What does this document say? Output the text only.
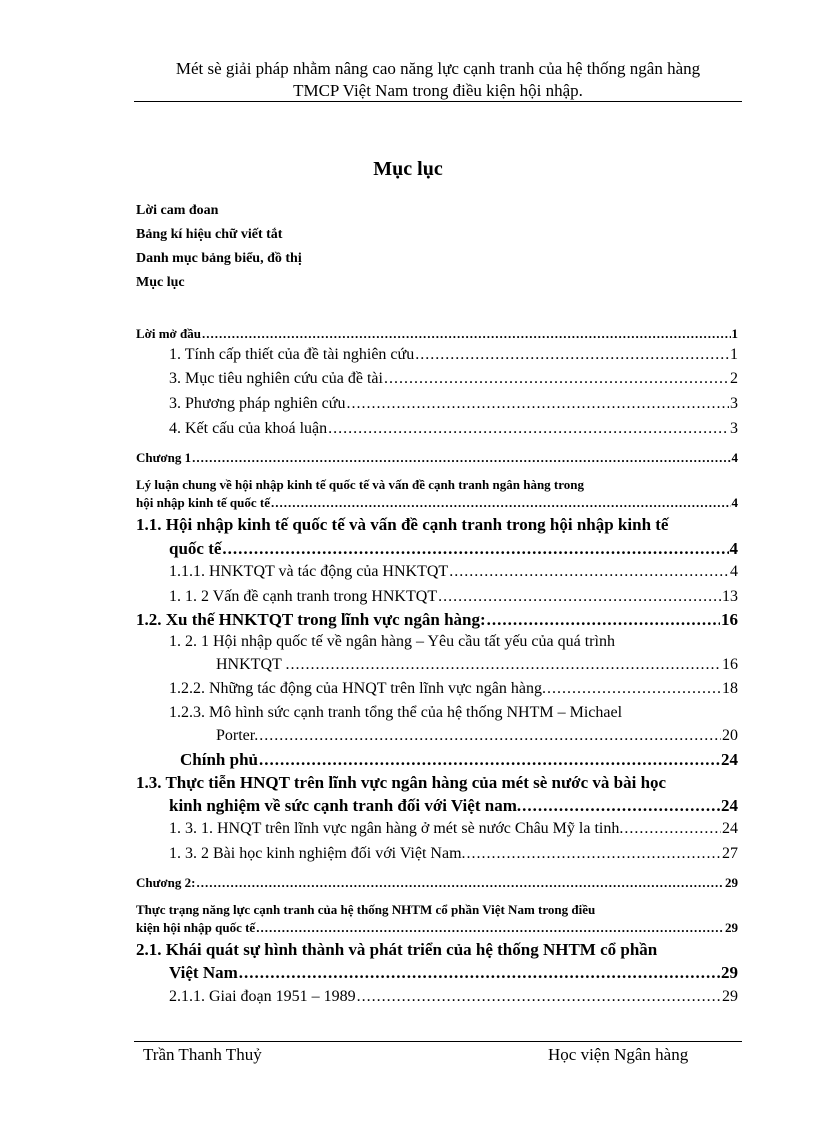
Mét sè giải pháp nhằm nâng cao năng lực cạnh tranh của hệ thống ngân hàng
TMCP Việt Nam trong điều kiện hội nhập.
Mục lục
Lời cam đoan
Bảng kí hiệu chữ viết tắt
Danh mục bảng biểu, đồ thị
Mục lục
Lời mở đầu .....	1
1. Tính cấp thiết của đề tài nghiên cứu .....	1
3. Mục tiêu nghiên cứu của đề tài .....	2
3. Phương pháp nghiên cứu .....	3
4. Kết cấu của khoá luận .....	3
Chương 1 .....	4
Lý luận chung về hội nhập kinh tế quốc tế và vấn đề cạnh tranh ngân hàng trong
hội nhập kinh tế quốc tế .....	4
1.1. Hội nhập kinh tế quốc tế và vấn đề cạnh tranh trong hội nhập kinh tế
quốc tế .....	4
1.1.1. HNKTQT và tác động của HNKTQT .....	4
1. 1. 2 Vấn đề cạnh tranh trong HNKTQT .....	13
1.2. Xu thế HNKTQT trong lĩnh vực ngân hàng: .....	16
1. 2. 1 Hội nhập quốc tế về ngân hàng – Yêu cầu tất yếu của quá trình
HNKTQT . .....	16
1.2.2. Những tác động của HNQT trên lĩnh vực ngân hàng. .....	18
1.2.3. Mô hình sức cạnh tranh tổng thể của hệ thống NHTM – Michael
Porter. .....	20
Chính phủ .....	24
1.3. Thực tiễn HNQT trên lĩnh vực ngân hàng của mét sè nước và bài học
kinh nghiệm về sức cạnh tranh đối với Việt nam. .....	24
1. 3. 1. HNQT trên lĩnh vực ngân hàng ở mét sè nước Châu Mỹ la tinh. .....	24
1. 3. 2 Bài học kinh nghiệm đối với Việt Nam. .....	27
Chương 2: .....	29
Thực trạng năng lực cạnh tranh của hệ thống NHTM cổ phần Việt Nam trong điều
kiện hội nhập quốc tế .....	29
2.1. Khái quát sự hình thành và phát triển của hệ thống NHTM cổ phần
Việt Nam .....	29
2.1.1. Giai đoạn 1951 – 1989 .....	29
Trần Thanh Thuỷ	Học viện Ngân hàng
